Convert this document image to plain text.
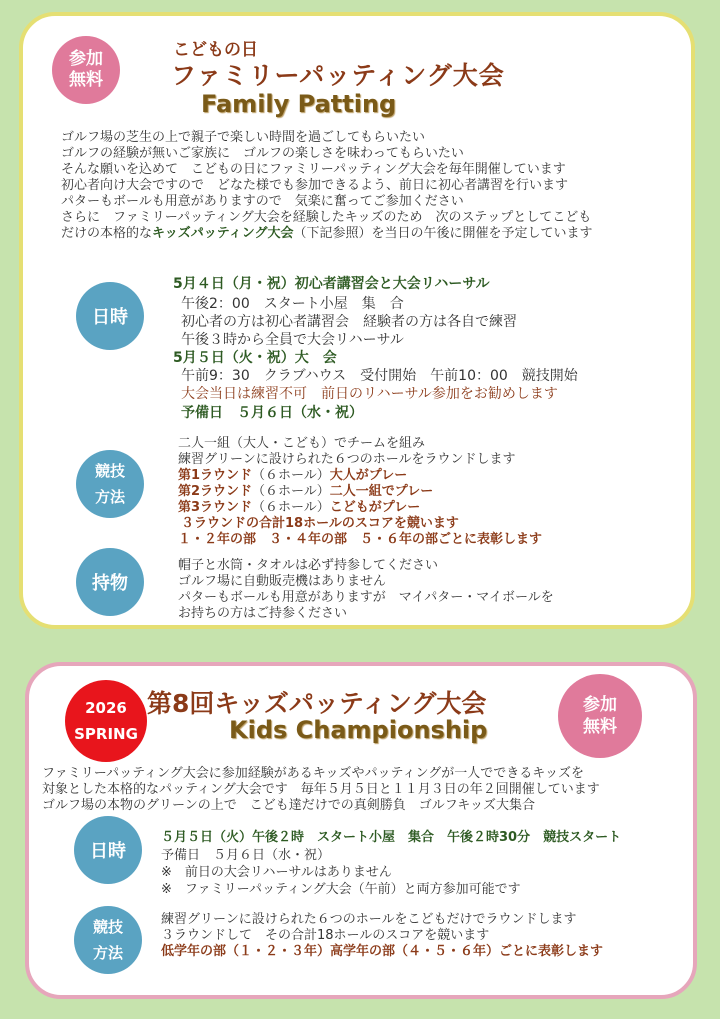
参加
無料
こどもの日
ファミリーパッティング大会
Family Patting
ゴルフ場の芝生の上で親子で楽しい時間を過ごしてもらいたい
ゴルフの経験が無いご家族に　ゴルフの楽しさを味わってもらいたい
そんな願いを込めて　こどもの日にファミリーパッティング大会を毎年開催しています
初心者向け大会ですので　どなた様でも参加できるよう、前日に初心者講習を行います
パターもボールも用意がありますので　気楽に奮ってご参加ください
さらに　ファミリーパッティング大会を経験したキッズのため　次のステップとしてこども
だけの本格的なキッズパッティング大会（下記参照）を当日の午後に開催を予定しています
日時
5月４日（月・祝）初心者講習会と大会リハーサル
午後2：00　スタート小屋　集　合
初心者の方は初心者講習会　経験者の方は各自で練習
午後３時から全員で大会リハーサル
5月５日（火・祝）大　会
午前9：30　クラブハウス　受付開始　午前10：00　競技開始
大会当日は練習不可　前日のリハーサル参加をお勧めします
予備日　５月６日（水・祝）
競技
方法
二人一組（大人・こども）でチームを組み
練習グリーンに設けられた６つのホールをラウンドします
第1ラウンド（６ホール）大人がプレー
第2ラウンド（６ホール）二人一組でプレー
第3ラウンド（６ホール）こどもがプレー
３ラウンドの合計18ホールのスコアを競います
１・２年の部　３・４年の部　５・６年の部ごとに表彰します
持物
帽子と水筒・タオルは必ず持参してください
ゴルフ場に自動販売機はありません
パターもボールも用意がありますが　マイパター・マイボールを
お持ちの方はご持参ください
2026
SPRING
第8回キッズパッティング大会
Kids Championship
参加
無料
ファミリーパッティング大会に参加経験があるキッズやパッティングが一人でできるキッズを
対象とした本格的なパッティング大会です　毎年５月５日と１１月３日の年２回開催しています
ゴルフ場の本物のグリーンの上で　こども達だけでの真剣勝負　ゴルフキッズ大集合
日時
５月５日（火）午後２時　スタート小屋　集合　午後２時30分　競技スタート
予備日　５月６日（水・祝）
※　前日の大会リハーサルはありません
※　ファミリーパッティング大会（午前）と両方参加可能です
競技
方法
練習グリーンに設けられた６つのホールをこどもだけでラウンドします
３ラウンドして　その合計18ホールのスコアを競います
低学年の部（１・２・３年）高学年の部（４・５・６年）ごとに表彰します
